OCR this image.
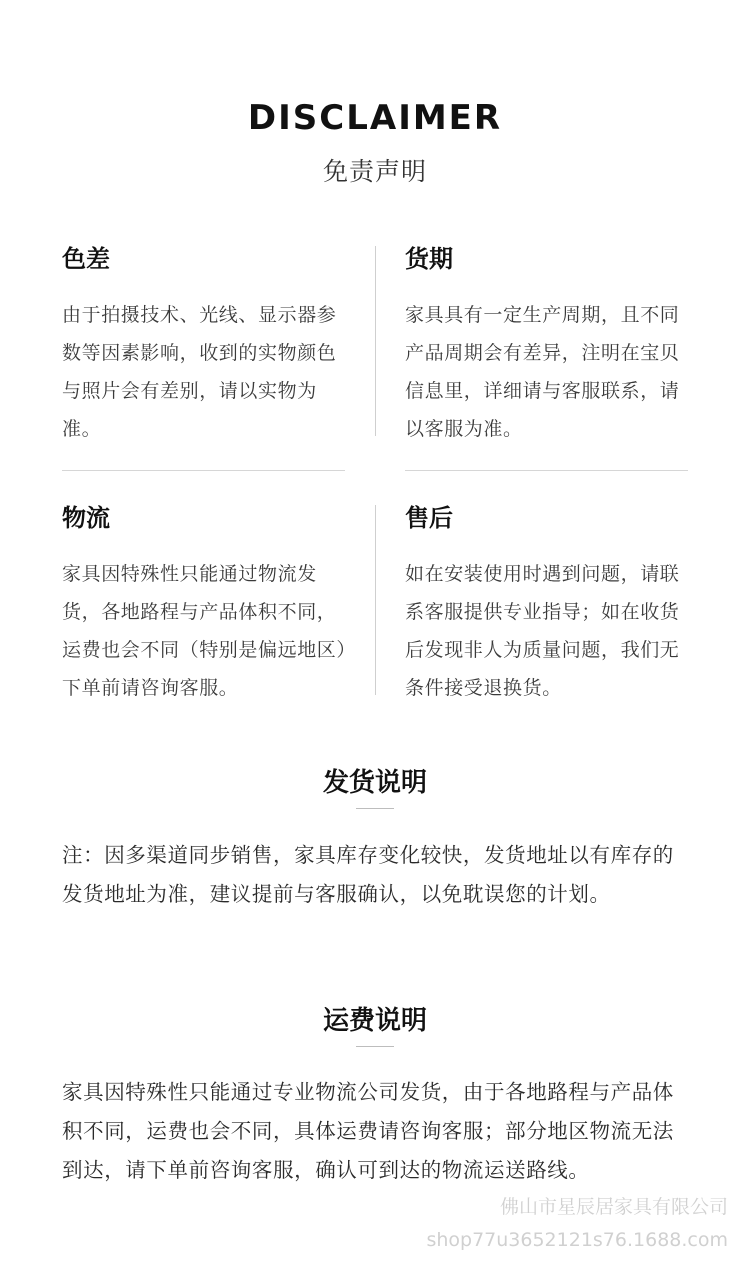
DISCLAIMER
免责声明
色差
由于拍摄技术、光线、显示器参数等因素影响，收到的实物颜色与照片会有差别，请以实物为准。
货期
家具具有一定生产周期，且不同产品周期会有差异，注明在宝贝信息里，详细请与客服联系，请以客服为准。
物流
家具因特殊性只能通过物流发货，各地路程与产品体积不同，运费也会不同（特别是偏远地区）下单前请咨询客服。
售后
如在安装使用时遇到问题，请联系客服提供专业指导；如在收货后发现非人为质量问题，我们无条件接受退换货。
发货说明
注：因多渠道同步销售，家具库存变化较快，发货地址以有库存的发货地址为准，建议提前与客服确认，以免耽误您的计划。
运费说明
家具因特殊性只能通过专业物流公司发货，由于各地路程与产品体积不同，运费也会不同，具体运费请咨询客服；部分地区物流无法到达，请下单前咨询客服，确认可到达的物流运送路线。
佛山市星辰居家具有限公司
shop77u3652121s76.1688.com
